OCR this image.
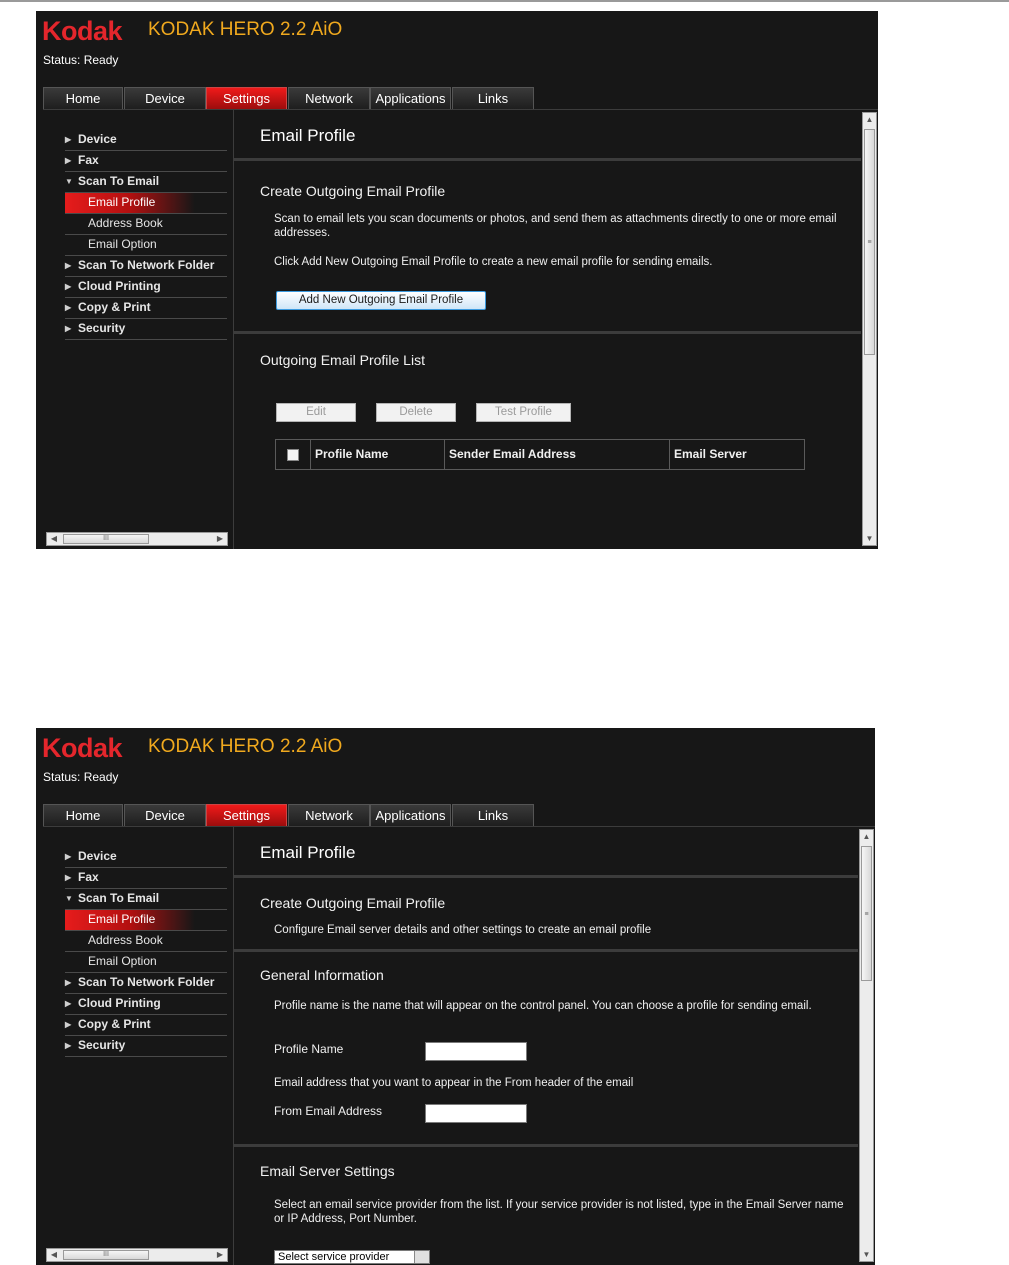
Kodak KODAK HERO 2.2 AiO
Status: Ready
Home	Device	Settings	Network	Applications	Links
▶ Device
▶ Fax
▼ Scan To Email
Email Profile
Address Book
Email Option
▶ Scan To Network Folder
▶ Cloud Printing
▶ Copy & Print
▶ Security
◀	III	▶
Email Profile
Create Outgoing Email Profile
Scan to email lets you scan documents or photos, and send them as attachments directly to one or more email addresses.
Click Add New Outgoing Email Profile to create a new email profile for sending emails.
Add New Outgoing Email Profile
Outgoing Email Profile List
Edit	Delete	Test Profile
Profile Name	Sender Email Address	Email Server
▲
≡
▼
Kodak KODAK HERO 2.2 AiO
Status: Ready
Home	Device	Settings	Network	Applications	Links
▶ Device
▶ Fax
▼ Scan To Email
Email Profile
Address Book
Email Option
▶ Scan To Network Folder
▶ Cloud Printing
▶ Copy & Print
▶ Security
◀	III	▶
Email Profile
Create Outgoing Email Profile
Configure Email server details and other settings to create an email profile
General Information
Profile name is the name that will appear on the control panel. You can choose a profile for sending email.
Profile Name
Email address that you want to appear in the From header of the email
From Email Address
Email Server Settings
Select an email service provider from the list. If your service provider is not listed, type in the Email Server name or IP Address, Port Number.
Select service provider
▲
≡
▼
